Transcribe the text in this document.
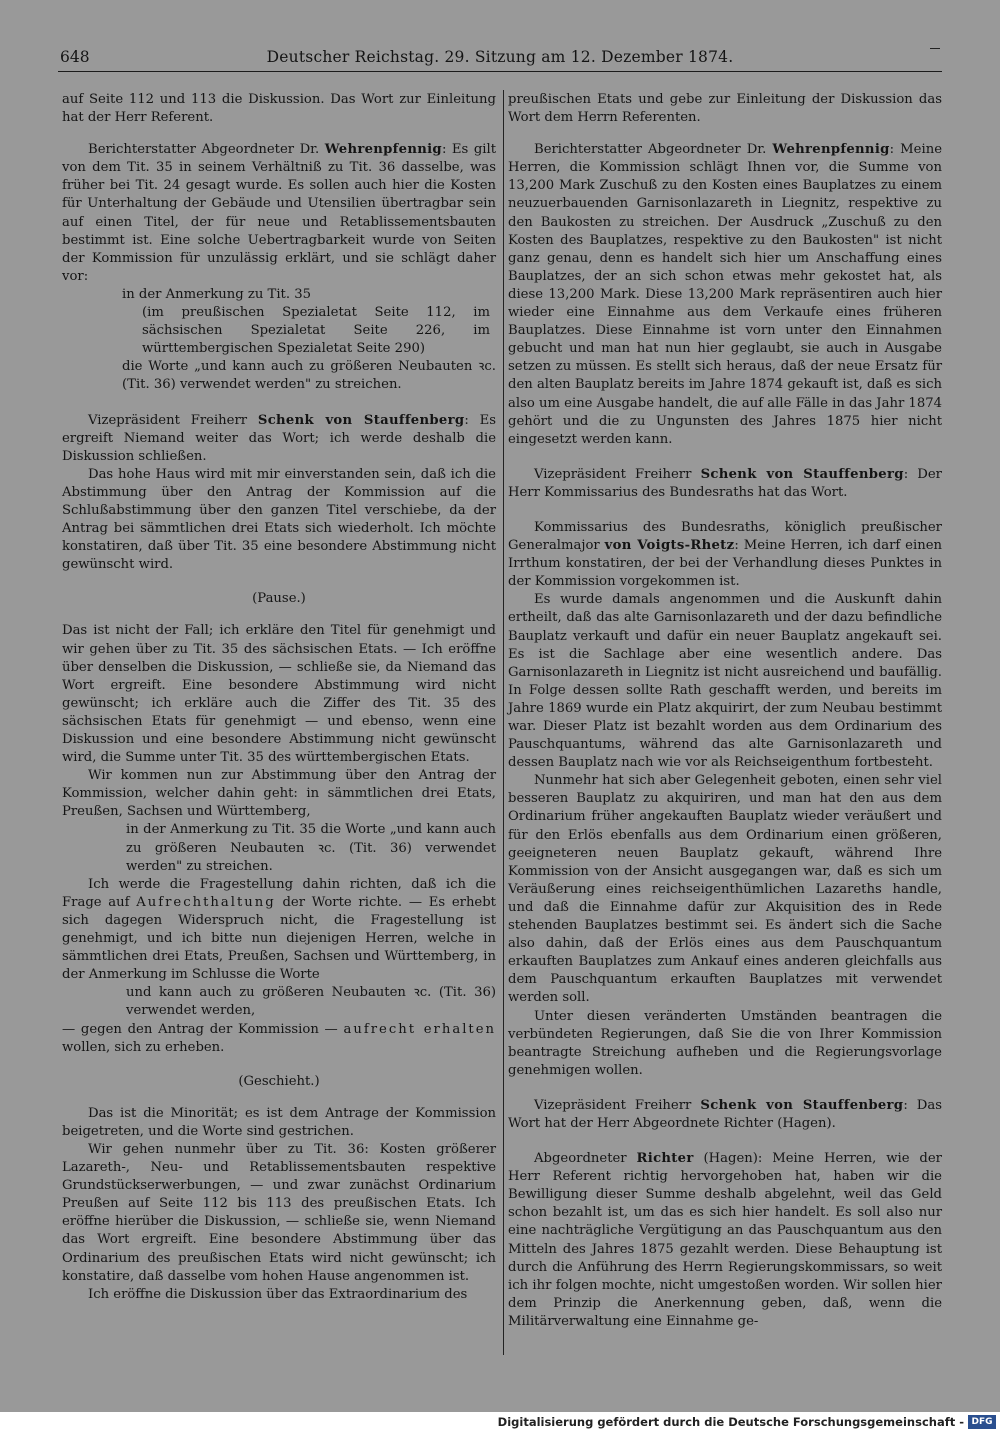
648	Deutscher Reichstag. 29. Sitzung am 12. Dezember 1874.

auf Seite 112 und 113 die Diskussion. Das Wort zur Einleitung hat der Herr Referent.

Berichterstatter Abgeordneter Dr. Wehrenpfennig: Es gilt von dem Tit. 35 in seinem Verhältniß zu Tit. 36 dasselbe, was früher bei Tit. 24 gesagt wurde. Es sollen auch hier die Kosten für Unterhaltung der Gebäude und Utensilien übertragbar sein auf einen Titel, der für neue und Retablissementsbauten bestimmt ist. Eine solche Uebertragbarkeit wurde von Seiten der Kommission für unzulässig erklärt, und sie schlägt daher vor:

in der Anmerkung zu Tit. 35

(im preußischen Spezialetat Seite 112, im sächsischen Spezialetat Seite 226, im württembergischen Spezialetat Seite 290)

die Worte „und kann auch zu größeren Neubauten ꝛc. (Tit. 36) verwendet werden" zu streichen.

Vizepräsident Freiherr Schenk von Stauffenberg: Es ergreift Niemand weiter das Wort; ich werde deshalb die Diskussion schließen.

Das hohe Haus wird mit mir einverstanden sein, daß ich die Abstimmung über den Antrag der Kommission auf die Schlußabstimmung über den ganzen Titel verschiebe, da der Antrag bei sämmtlichen drei Etats sich wiederholt. Ich möchte konstatiren, daß über Tit. 35 eine besondere Abstimmung nicht gewünscht wird.

(Pause.)

Das ist nicht der Fall; ich erkläre den Titel für genehmigt und wir gehen über zu Tit. 35 des sächsischen Etats. — Ich eröffne über denselben die Diskussion, — schließe sie, da Niemand das Wort ergreift. Eine besondere Abstimmung wird nicht gewünscht; ich erkläre auch die Ziffer des Tit. 35 des sächsischen Etats für genehmigt — und ebenso, wenn eine Diskussion und eine besondere Abstimmung nicht gewünscht wird, die Summe unter Tit. 35 des württembergischen Etats.

Wir kommen nun zur Abstimmung über den Antrag der Kommission, welcher dahin geht: in sämmtlichen drei Etats, Preußen, Sachsen und Württemberg,

in der Anmerkung zu Tit. 35 die Worte „und kann auch zu größeren Neubauten ꝛc. (Tit. 36) verwendet werden" zu streichen.

Ich werde die Fragestellung dahin richten, daß ich die Frage auf Aufrechthaltung der Worte richte. — Es erhebt sich dagegen Widerspruch nicht, die Fragestellung ist genehmigt, und ich bitte nun diejenigen Herren, welche in sämmtlichen drei Etats, Preußen, Sachsen und Württemberg, in der Anmerkung im Schlusse die Worte

und kann auch zu größeren Neubauten ꝛc. (Tit. 36) verwendet werden,

— gegen den Antrag der Kommission — aufrecht erhalten wollen, sich zu erheben.

(Geschieht.)

Das ist die Minorität; es ist dem Antrage der Kommission beigetreten, und die Worte sind gestrichen.

Wir gehen nunmehr über zu Tit. 36: Kosten größerer Lazareth-, Neu- und Retablissementsbauten respektive Grundstückserwerbungen, — und zwar zunächst Ordinarium Preußen auf Seite 112 bis 113 des preußischen Etats. Ich eröffne hierüber die Diskussion, — schließe sie, wenn Niemand das Wort ergreift. Eine besondere Abstimmung über das Ordinarium des preußischen Etats wird nicht gewünscht; ich konstatire, daß dasselbe vom hohen Hause angenommen ist.

Ich eröffne die Diskussion über das Extraordinarium des

preußischen Etats und gebe zur Einleitung der Diskussion das Wort dem Herrn Referenten.

Berichterstatter Abgeordneter Dr. Wehrenpfennig: Meine Herren, die Kommission schlägt Ihnen vor, die Summe von 13,200 Mark Zuschuß zu den Kosten eines Bauplatzes zu einem neuzuerbauenden Garnisonlazareth in Liegnitz, respektive zu den Baukosten zu streichen. Der Ausdruck „Zuschuß zu den Kosten des Bauplatzes, respektive zu den Baukosten" ist nicht ganz genau, denn es handelt sich hier um Anschaffung eines Bauplatzes, der an sich schon etwas mehr gekostet hat, als diese 13,200 Mark. Diese 13,200 Mark repräsentiren auch hier wieder eine Einnahme aus dem Verkaufe eines früheren Bauplatzes. Diese Einnahme ist vorn unter den Einnahmen gebucht und man hat nun hier geglaubt, sie auch in Ausgabe setzen zu müssen. Es stellt sich heraus, daß der neue Ersatz für den alten Bauplatz bereits im Jahre 1874 gekauft ist, daß es sich also um eine Ausgabe handelt, die auf alle Fälle in das Jahr 1874 gehört und die zu Ungunsten des Jahres 1875 hier nicht eingesetzt werden kann.

Vizepräsident Freiherr Schenk von Stauffenberg: Der Herr Kommissarius des Bundesraths hat das Wort.

Kommissarius des Bundesraths, königlich preußischer Generalmajor von Voigts-Rhetz: Meine Herren, ich darf einen Irrthum konstatiren, der bei der Verhandlung dieses Punktes in der Kommission vorgekommen ist.

Es wurde damals angenommen und die Auskunft dahin ertheilt, daß das alte Garnisonlazareth und der dazu befindliche Bauplatz verkauft und dafür ein neuer Bauplatz angekauft sei. Es ist die Sachlage aber eine wesentlich andere. Das Garnisonlazareth in Liegnitz ist nicht ausreichend und baufällig. In Folge dessen sollte Rath geschafft werden, und bereits im Jahre 1869 wurde ein Platz akquirirt, der zum Neubau bestimmt war. Dieser Platz ist bezahlt worden aus dem Ordinarium des Pauschquantums, während das alte Garnisonlazareth und dessen Bauplatz nach wie vor als Reichseigenthum fortbesteht.

Nunmehr hat sich aber Gelegenheit geboten, einen sehr viel besseren Bauplatz zu akquiriren, und man hat den aus dem Ordinarium früher angekauften Bauplatz wieder veräußert und für den Erlös ebenfalls aus dem Ordinarium einen größeren, geeigneteren neuen Bauplatz gekauft, während Ihre Kommission von der Ansicht ausgegangen war, daß es sich um Veräußerung eines reichseigenthümlichen Lazareths handle, und daß die Einnahme dafür zur Akquisition des in Rede stehenden Bauplatzes bestimmt sei. Es ändert sich die Sache also dahin, daß der Erlös eines aus dem Pauschquantum erkauften Bauplatzes zum Ankauf eines anderen gleichfalls aus dem Pauschquantum erkauften Bauplatzes mit verwendet werden soll.

Unter diesen veränderten Umständen beantragen die verbündeten Regierungen, daß Sie die von Ihrer Kommission beantragte Streichung aufheben und die Regierungsvorlage genehmigen wollen.

Vizepräsident Freiherr Schenk von Stauffenberg: Das Wort hat der Herr Abgeordnete Richter (Hagen).

Abgeordneter Richter (Hagen): Meine Herren, wie der Herr Referent richtig hervorgehoben hat, haben wir die Bewilligung dieser Summe deshalb abgelehnt, weil das Geld schon bezahlt ist, um das es sich hier handelt. Es soll also nur eine nachträgliche Vergütigung an das Pauschquantum aus den Mitteln des Jahres 1875 gezahlt werden. Diese Behauptung ist durch die Anführung des Herrn Regierungskommissars, so weit ich ihr folgen mochte, nicht umgestoßen worden. Wir sollen hier dem Prinzip die Anerkennung geben, daß, wenn die Militärverwaltung eine Einnahme ge-

Digitalisierung gefördert durch die Deutsche Forschungsgemeinschaft - DFG
